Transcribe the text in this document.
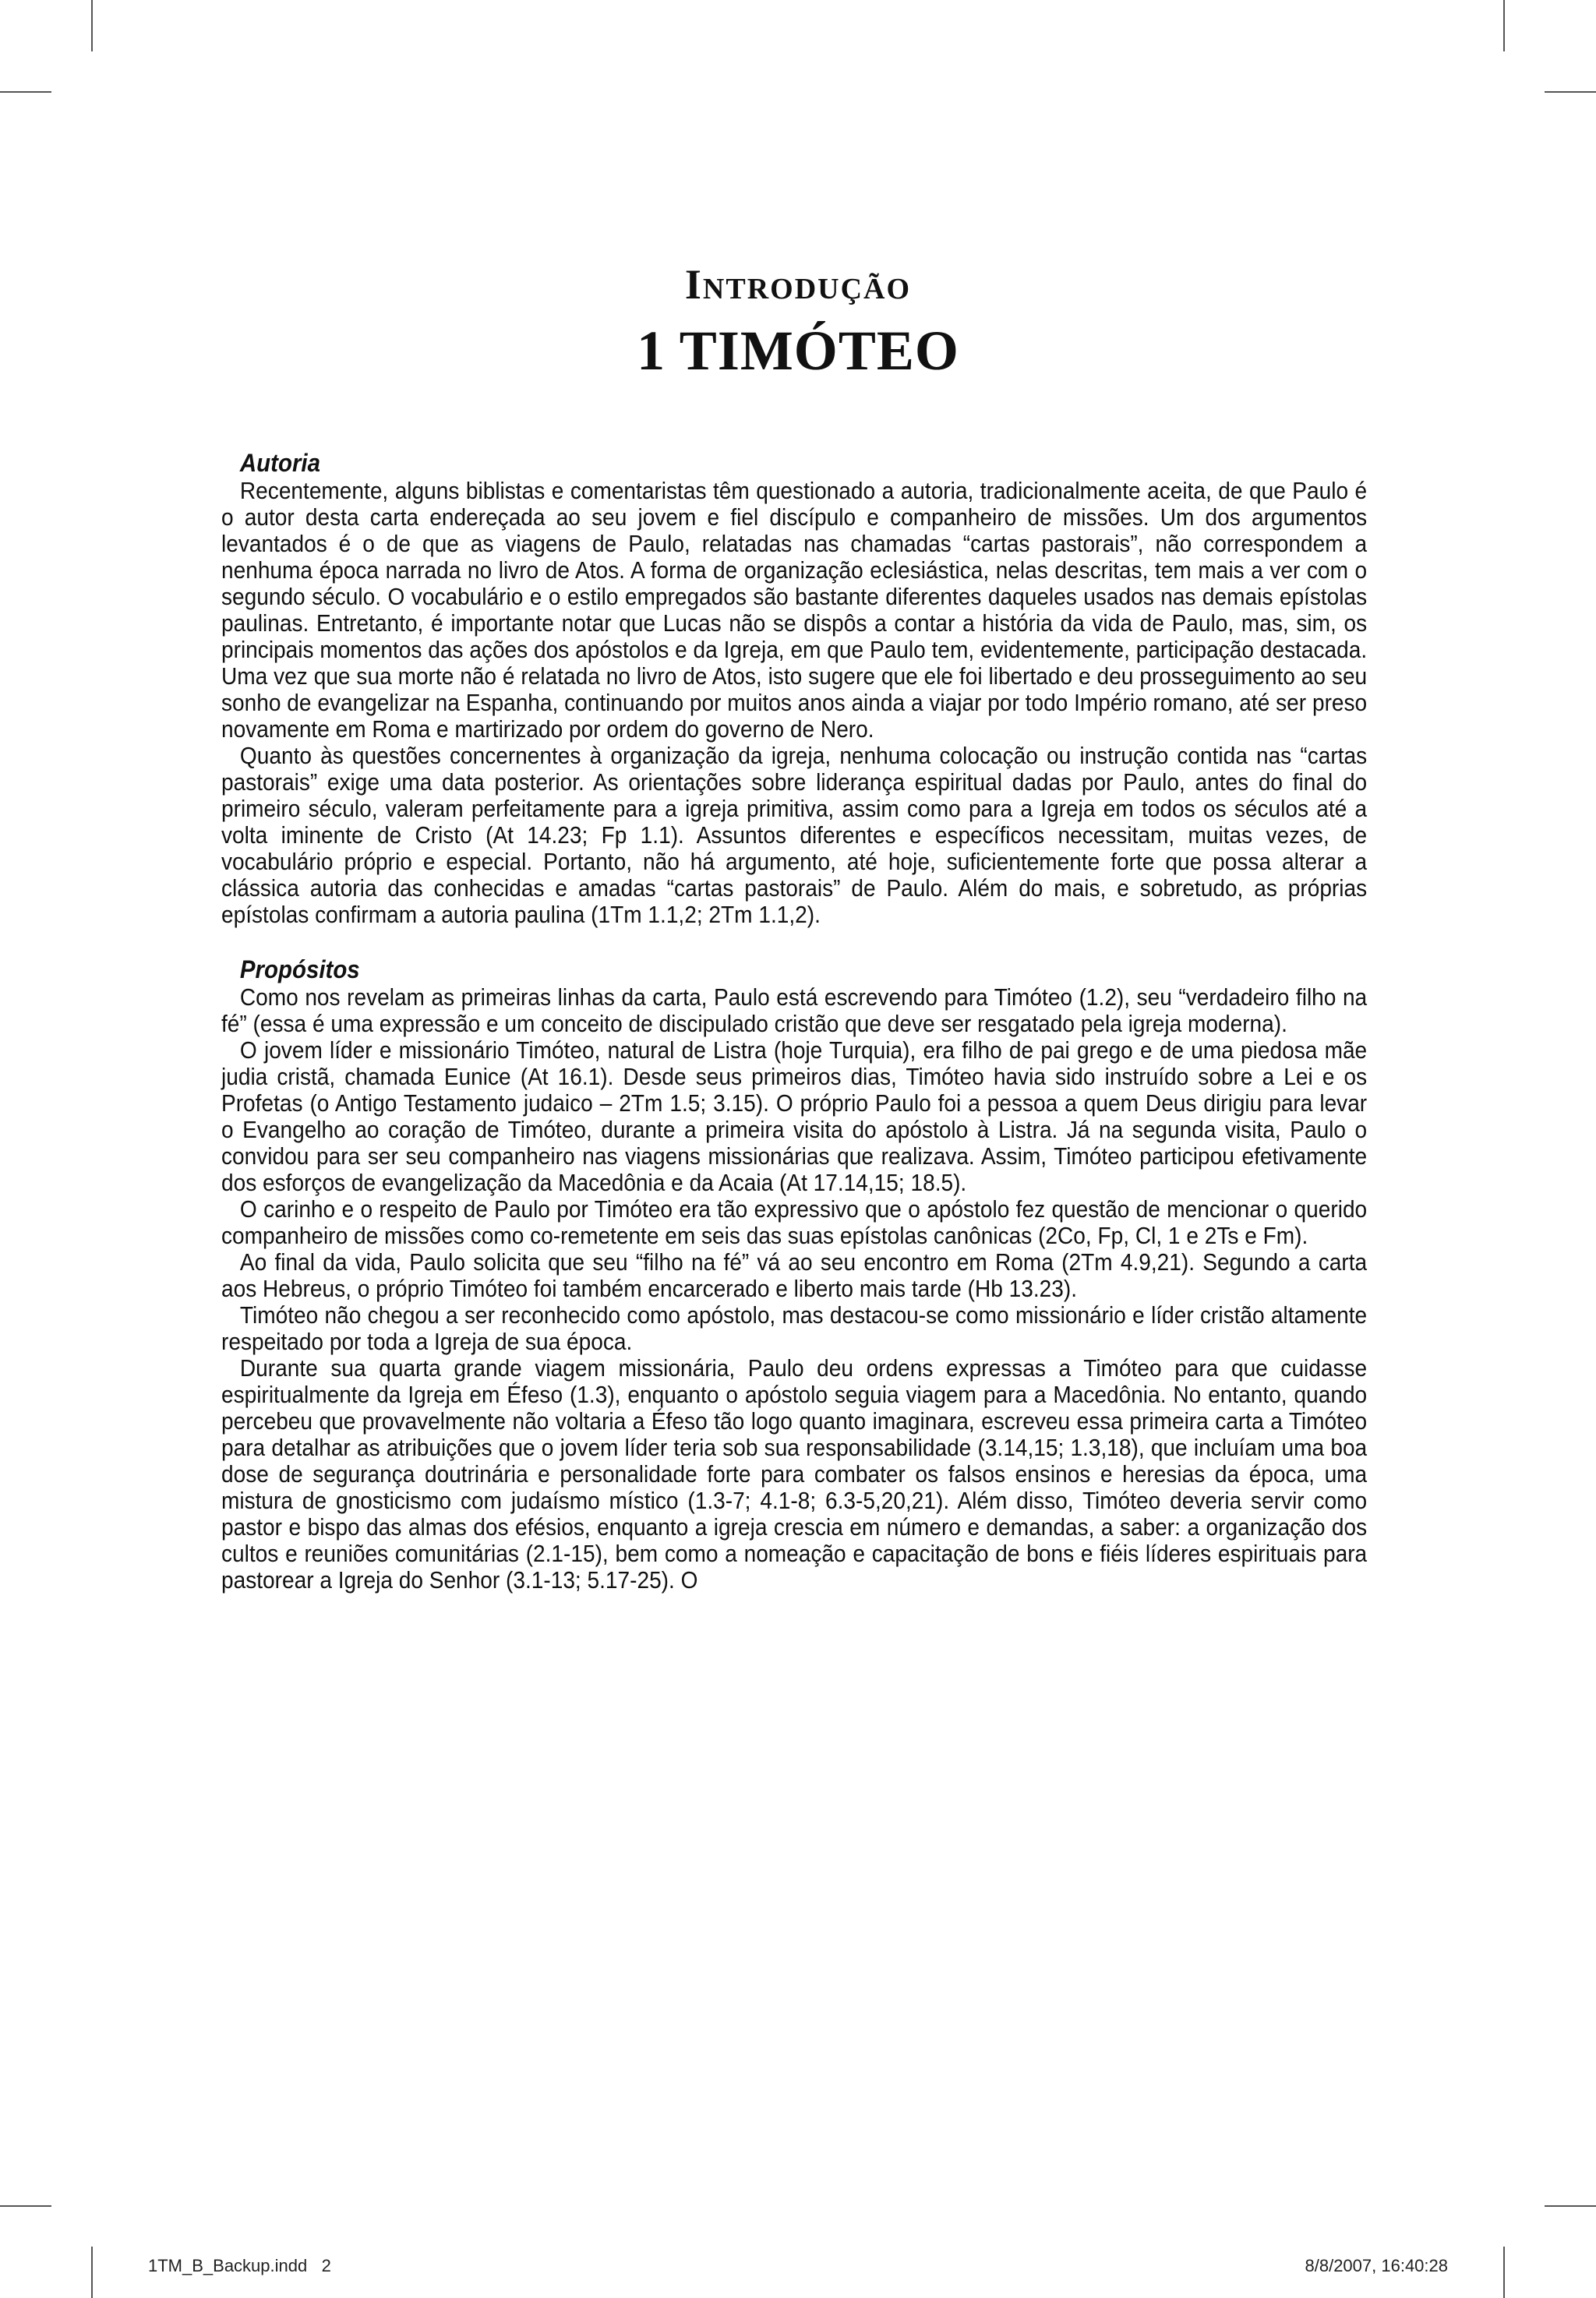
Introdução
1 TIMÓTEO
Autoria

Recentemente, alguns biblistas e comentaristas têm questionado a autoria, tradicionalmente aceita, de que Paulo é o autor desta carta endereçada ao seu jovem e fiel discípulo e companheiro de missões. Um dos argumentos levantados é o de que as viagens de Paulo, relatadas nas chamadas “cartas pastorais”, não correspondem a nenhuma época narrada no livro de Atos. A forma de organização eclesiástica, nelas descritas, tem mais a ver com o segundo século. O vocabulário e o estilo empregados são bastante diferentes daqueles usados nas demais epístolas paulinas. Entretanto, é importante notar que Lucas não se dispôs a contar a história da vida de Paulo, mas, sim, os principais momentos das ações dos apóstolos e da Igreja, em que Paulo tem, evidentemente, participação destacada. Uma vez que sua morte não é relatada no livro de Atos, isto sugere que ele foi libertado e deu prosseguimento ao seu sonho de evangelizar na Espanha, continuando por muitos anos ainda a viajar por todo Império romano, até ser preso novamente em Roma e martirizado por ordem do governo de Nero.

Quanto às questões concernentes à organização da igreja, nenhuma colocação ou instrução contida nas “cartas pastorais” exige uma data posterior. As orientações sobre liderança espiritual dadas por Paulo, antes do final do primeiro século, valeram perfeitamente para a igreja primitiva, assim como para a Igreja em todos os séculos até a volta iminente de Cristo (At 14.23; Fp 1.1). Assuntos diferentes e específicos necessitam, muitas vezes, de vocabulário próprio e especial. Portanto, não há argumento, até hoje, suficientemente forte que possa alterar a clássica autoria das conhecidas e amadas “cartas pastorais” de Paulo. Além do mais, e sobretudo, as próprias epístolas confirmam a autoria paulina (1Tm 1.1,2; 2Tm 1.1,2).

Propósitos

Como nos revelam as primeiras linhas da carta, Paulo está escrevendo para Timóteo (1.2), seu “verdadeiro filho na fé” (essa é uma expressão e um conceito de discipulado cristão que deve ser resgatado pela igreja moderna).

O jovem líder e missionário Timóteo, natural de Listra (hoje Turquia), era filho de pai grego e de uma piedosa mãe judia cristã, chamada Eunice (At 16.1). Desde seus primeiros dias, Timóteo havia sido instruído sobre a Lei e os Profetas (o Antigo Testamento judaico – 2Tm 1.5; 3.15). O próprio Paulo foi a pessoa a quem Deus dirigiu para levar o Evangelho ao coração de Timóteo, durante a primeira visita do apóstolo à Listra. Já na segunda visita, Paulo o convidou para ser seu companheiro nas viagens missionárias que realizava. Assim, Timóteo participou efetivamente dos esforços de evangelização da Macedônia e da Acaia (At 17.14,15; 18.5).

O carinho e o respeito de Paulo por Timóteo era tão expressivo que o apóstolo fez questão de mencionar o querido companheiro de missões como co-remetente em seis das suas epístolas canônicas (2Co, Fp, Cl, 1 e 2Ts e Fm).

Ao final da vida, Paulo solicita que seu “filho na fé” vá ao seu encontro em Roma (2Tm 4.9,21). Segundo a carta aos Hebreus, o próprio Timóteo foi também encarcerado e liberto mais tarde (Hb 13.23).

Timóteo não chegou a ser reconhecido como apóstolo, mas destacou-se como missionário e líder cristão altamente respeitado por toda a Igreja de sua época.

Durante sua quarta grande viagem missionária, Paulo deu ordens expressas a Timóteo para que cuidasse espiritualmente da Igreja em Éfeso (1.3), enquanto o apóstolo seguia viagem para a Macedônia. No entanto, quando percebeu que provavelmente não voltaria a Éfeso tão logo quanto imaginara, escreveu essa primeira carta a Timóteo para detalhar as atribuições que o jovem líder teria sob sua responsabilidade (3.14,15; 1.3,18), que incluíam uma boa dose de segurança doutrinária e personalidade forte para combater os falsos ensinos e heresias da época, uma mistura de gnosticismo com judaísmo místico (1.3-7; 4.1-8; 6.3-5,20,21). Além disso, Timóteo deveria servir como pastor e bispo das almas dos efésios, enquanto a igreja crescia em número e demandas, a saber: a organização dos cultos e reuniões comunitárias (2.1-15), bem como a nomeação e capacitação de bons e fiéis líderes espirituais para pastorear a Igreja do Senhor (3.1-13; 5.17-25). O

1TM_B_Backup.indd   2	8/8/2007, 16:40:28
